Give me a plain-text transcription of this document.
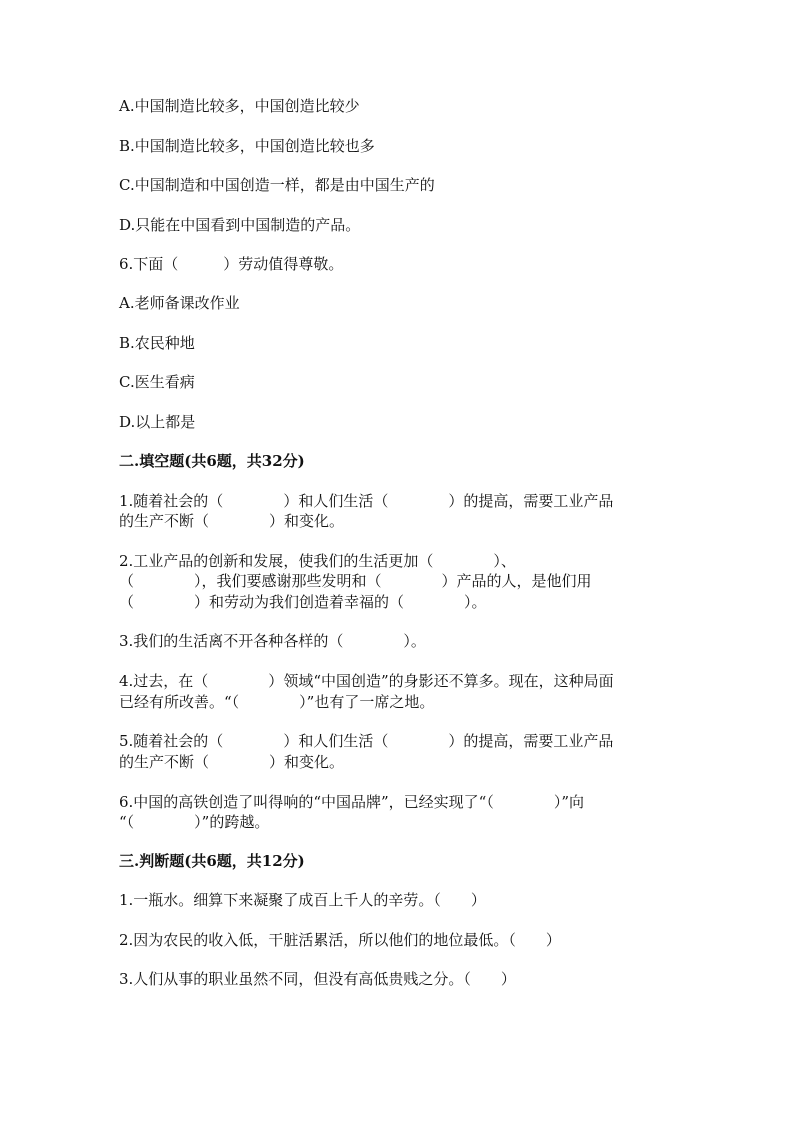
A.中国制造比较多，中国创造比较少
B.中国制造比较多，中国创造比较也多
C.中国制造和中国创造一样，都是由中国生产的
D.只能在中国看到中国制造的产品。
6.下面（　　　）劳动值得尊敬。
A.老师备课改作业
B.农民种地
C.医生看病
D.以上都是
二.填空题(共6题，共32分)
1.随着社会的（　　　　）和人们生活（　　　　）的提高，需要工业产品
的生产不断（　　　　）和变化。
2.工业产品的创新和发展，使我们的生活更加（　　　　）、
（　　　　），我们要感谢那些发明和（　　　　）产品的人，是他们用
（　　　　）和劳动为我们创造着幸福的（　　　　）。
3.我们的生活离不开各种各样的（　　　　）。
4.过去，在（　　　　）领域“中国创造”的身影还不算多。现在，这种局面
已经有所改善。“（　　　　）”也有了一席之地。
5.随着社会的（　　　　）和人们生活（　　　　）的提高，需要工业产品
的生产不断（　　　　）和变化。
6.中国的高铁创造了叫得响的“中国品牌”，已经实现了“（　　　　）”向
“（　　　　）”的跨越。
三.判断题(共6题，共12分)
1.一瓶水。细算下来凝聚了成百上千人的辛劳。（　　）
2.因为农民的收入低，干脏活累活，所以他们的地位最低。（　　）
3.人们从事的职业虽然不同，但没有高低贵贱之分。（　　）
